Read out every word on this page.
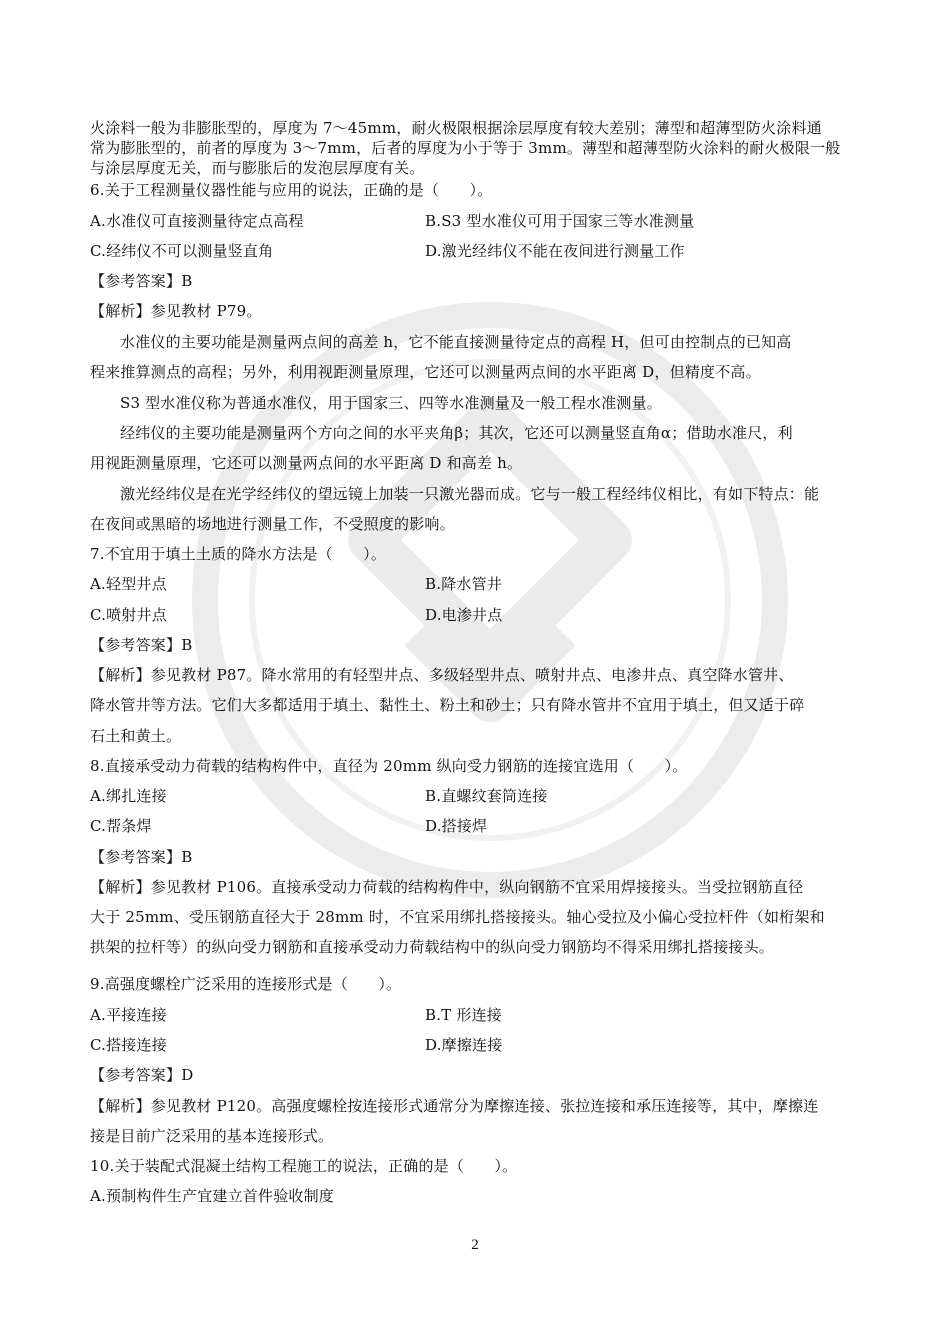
火涂料一般为非膨胀型的，厚度为 7～45mm，耐火极限根据涂层厚度有较大差别；薄型和超薄型防火涂料通
常为膨胀型的，前者的厚度为 3～7mm，后者的厚度为小于等于 3mm。薄型和超薄型防火涂料的耐火极限一般
与涂层厚度无关，而与膨胀后的发泡层厚度有关。
6.关于工程测量仪器性能与应用的说法，正确的是（　　）。
A.水准仪可直接测量待定点高程	B.S3 型水准仪可用于国家三等水准测量
C.经纬仪不可以测量竖直角	D.激光经纬仪不能在夜间进行测量工作
【参考答案】B
【解析】参见教材 P79。
水准仪的主要功能是测量两点间的高差 h，它不能直接测量待定点的高程 H，但可由控制点的已知高
程来推算测点的高程；另外，利用视距测量原理，它还可以测量两点间的水平距离 D，但精度不高。
S3 型水准仪称为普通水准仪，用于国家三、四等水准测量及一般工程水准测量。
经纬仪的主要功能是测量两个方向之间的水平夹角β；其次，它还可以测量竖直角α；借助水准尺，利
用视距测量原理，它还可以测量两点间的水平距离 D 和高差 h。
激光经纬仪是在光学经纬仪的望远镜上加装一只激光器而成。它与一般工程经纬仪相比，有如下特点：能
在夜间或黑暗的场地进行测量工作，不受照度的影响。
7.不宜用于填土土质的降水方法是（　　）。
A.轻型井点	B.降水管井
C.喷射井点	D.电渗井点
【参考答案】B
【解析】参见教材 P87。降水常用的有轻型井点、多级轻型井点、喷射井点、电渗井点、真空降水管井、
降水管井等方法。它们大多都适用于填土、黏性土、粉土和砂土；只有降水管井不宜用于填土，但又适于碎
石土和黄土。
8.直接承受动力荷载的结构构件中，直径为 20mm 纵向受力钢筋的连接宜选用（　　）。
A.绑扎连接	B.直螺纹套筒连接
C.帮条焊	D.搭接焊
【参考答案】B
【解析】参见教材 P106。直接承受动力荷载的结构构件中，纵向钢筋不宜采用焊接接头。当受拉钢筋直径
大于 25mm、受压钢筋直径大于 28mm 时，不宜采用绑扎搭接接头。轴心受拉及小偏心受拉杆件（如桁架和
拱架的拉杆等）的纵向受力钢筋和直接承受动力荷载结构中的纵向受力钢筋均不得采用绑扎搭接接头。
9.高强度螺栓广泛采用的连接形式是（　　）。
A.平接连接	B.T 形连接
C.搭接连接	D.摩擦连接
【参考答案】D
【解析】参见教材 P120。高强度螺栓按连接形式通常分为摩擦连接、张拉连接和承压连接等，其中，摩擦连
接是目前广泛采用的基本连接形式。
10.关于装配式混凝土结构工程施工的说法，正确的是（　　）。
A.预制构件生产宜建立首件验收制度
2
